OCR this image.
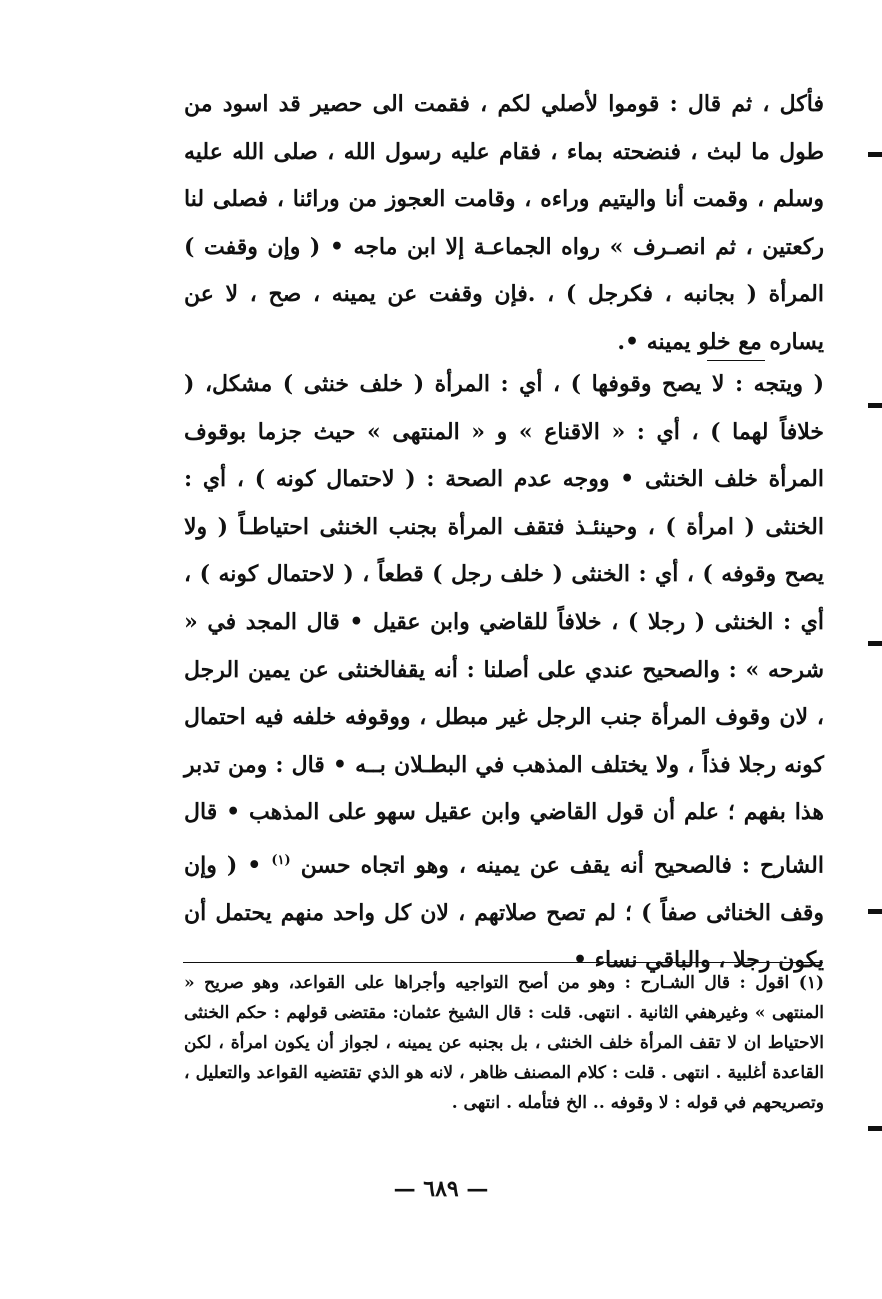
فأكل ، ثم قال : قوموا لأصلي لكم ، فقمت الى حصير قد اسود من طول ما لبث ، فنضحته بماء ، فقام عليه رسول الله ، صلى الله عليه وسلم ، وقمت أنا واليتيم وراءه ، وقامت العجوز من ورائنا ، فصلى لنا ركعتين ، ثم انصـرف » رواه الجماعـة إلا ابن ماجه • ( وإن وقفت ) المرأة ( بجانبه ، فكرجل ) ، .فإن وقفت عن يمينه ، صح ، لا عن يساره مع خلو يمينه •.

( ويتجه : لا يصح وقوفها ) ، أي : المرأة ( خلف خنثى ) مشكل، ( خلافاً لهما ) ، أي : « الاقناع » و « المنتهى » حيث جزما بوقوف المرأة خلف الخنثى • ووجه عدم الصحة : ( لاحتمال كونه ) ، أي : الخنثى ( امرأة ) ، وحينئـذ فتقف المرأة بجنب الخنثى احتياطـاً ( ولا يصح وقوفه ) ، أي : الخنثى ( خلف رجل ) قطعاً ، ( لاحتمال كونه ) ، أي : الخنثى ( رجلا ) ، خلافاً للقاضي وابن عقيل • قال المجد في « شرحه » : والصحيح عندي على أصلنا : أنه يقفالخنثى عن يمين الرجل ، لان وقوف المرأة جنب الرجل غير مبطل ، ووقوفه خلفه فيه احتمال كونه رجلا فذاً ، ولا يختلف المذهب في البطـلان بــه • قال : ومن تدبر هذا بفهم ؛ علم أن قول القاضي وابن عقيل سهو على المذهب • قال الشارح : فالصحيح أنه يقف عن يمينه ، وهو اتجاه حسن $^{(١)}$ • ( وإن وقف الخناثى صفاً ) ؛ لم تصح صلاتهم ، لان كل واحد منهم يحتمل أن يكون رجلا ، والباقي نساء •

(١) اقول : قال الشـارح : وهو من أصح التواجيه وأجراها على القواعد، وهو صريح « المنتهى » وغيرهفي الثانية . انتهى. قلت : قال الشيخ عثمان: مقتضى قولهم : حكم الخنثى الاحتياط ان لا تقف المرأة خلف الخنثى ، بل بجنبه عن يمينه ، لجواز أن يكون امرأة ، لكن القاعدة أغلبية . انتهى . قلت : كلام المصنف ظاهر ، لانه هو الذي تقتضيه القواعد والتعليل ، وتصريحهم في قوله : لا وقوفه .. الخ فتأمله . انتهى .

— ٦٨٩ —
